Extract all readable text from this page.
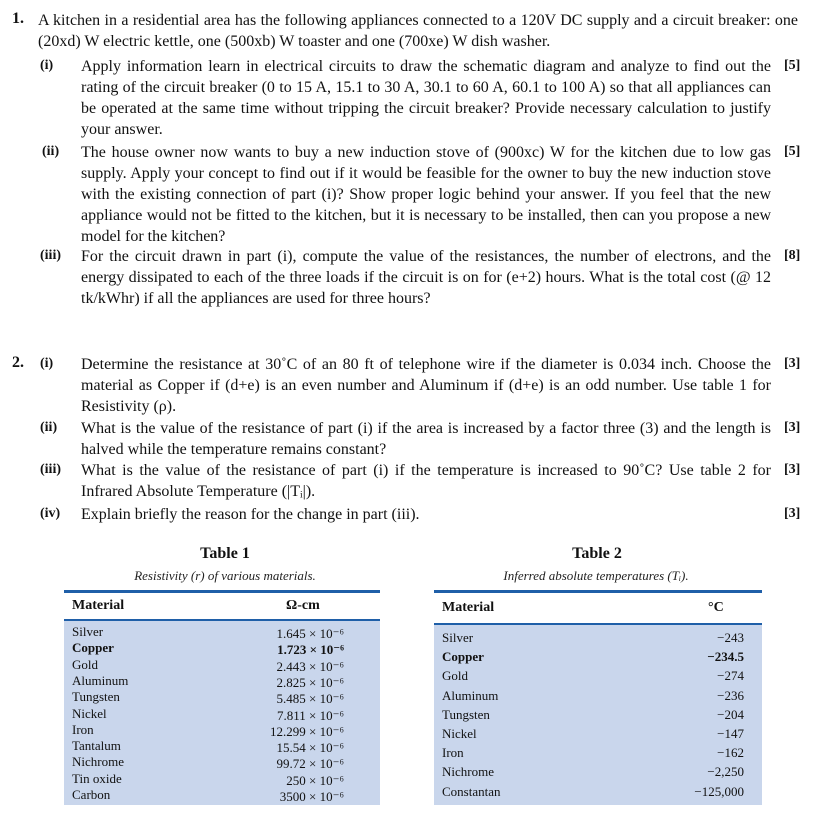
1. A kitchen in a residential area has the following appliances connected to a 120V DC supply and a circuit breaker: one (20xd) W electric kettle, one (500xb) W toaster and one (700xe) W dish washer.
(i) Apply information learn in electrical circuits to draw the schematic diagram and analyze to find out the rating of the circuit breaker (0 to 15 A, 15.1 to 30 A, 30.1 to 60 A, 60.1 to 100 A) so that all appliances can be operated at the same time without tripping the circuit breaker? Provide necessary calculation to justify your answer.
[5]
(ii) The house owner now wants to buy a new induction stove of (900xc) W for the kitchen due to low gas supply. Apply your concept to find out if it would be feasible for the owner to buy the new induction stove with the existing connection of part (i)? Show proper logic behind your answer. If you feel that the new appliance would not be fitted to the kitchen, but it is necessary to be installed, then can you propose a new model for the kitchen?
[5]
(iii) For the circuit drawn in part (i), compute the value of the resistances, the number of electrons, and the energy dissipated to each of the three loads if the circuit is on for (e+2) hours. What is the total cost (@ 12 tk/kWhr) if all the appliances are used for three hours?
[8]
2. (i) Determine the resistance at 30˚C of an 80 ft of telephone wire if the diameter is 0.034 inch. Choose the material as Copper if (d+e) is an even number and Aluminum if (d+e) is an odd number. Use table 1 for Resistivity (ρ).
[3]
(ii) What is the value of the resistance of part (i) if the area is increased by a factor three (3) and the length is halved while the temperature remains constant?
[3]
(iii) What is the value of the resistance of part (i) if the temperature is increased to 90˚C? Use table 2 for Infrared Absolute Temperature (|Tᵢ|).
[3]
(iv) Explain briefly the reason for the change in part (iii).	[3]
Table 1
Resistivity (r) of various materials.
Material	Ω-cm
Silver	1.645 × 10⁻⁶
Copper	1.723 × 10⁻⁶
Gold	2.443 × 10⁻⁶
Aluminum	2.825 × 10⁻⁶
Tungsten	5.485 × 10⁻⁶
Nickel	7.811 × 10⁻⁶
Iron	12.299 × 10⁻⁶
Tantalum	15.54 × 10⁻⁶
Nichrome	99.72 × 10⁻⁶
Tin oxide	250 × 10⁻⁶
Carbon	3500 × 10⁻⁶
Table 2
Inferred absolute temperatures (Tᵢ).
Material	°C
Silver	−243
Copper	−234.5
Gold	−274
Aluminum	−236
Tungsten	−204
Nickel	−147
Iron	−162
Nichrome	−2,250
Constantan	−125,000
